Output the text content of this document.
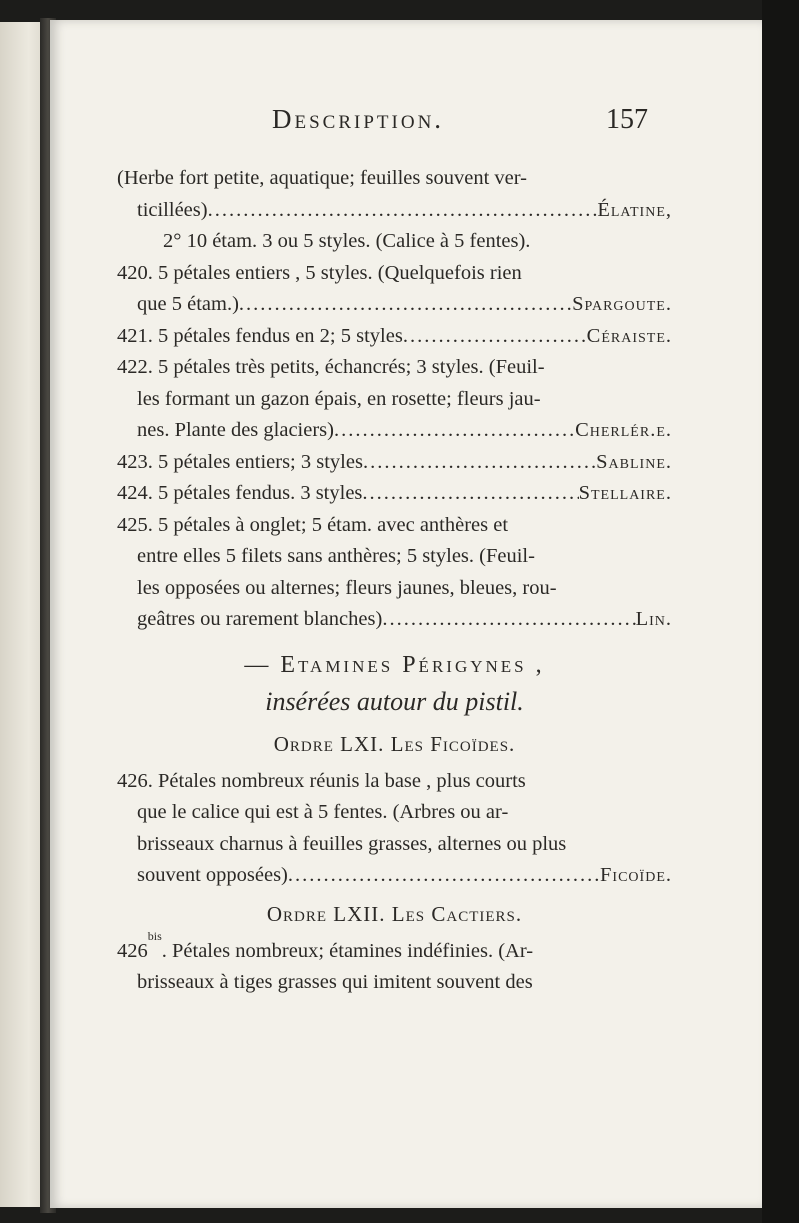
Description.	157
(Herbe fort petite, aquatique; feuilles souvent ver-
ticillées) .....	Élatine,
2° 10 étam. 3 ou 5 styles. (Calice à 5 fentes).
420. 5 pétales entiers , 5 styles. (Quelquefois rien
que 5 étam.) .....	Spargoute.
421. 5 pétales fendus en 2; 5 styles .....	Céraiste.
422. 5 pétales très petits, échancrés; 3 styles. (Feuil-
les formant un gazon épais, en rosette; fleurs jau-
nes. Plante des glaciers) .....	Cherlér.e.
423. 5 pétales entiers; 3 styles .....	Sabline.
424. 5 pétales fendus. 3 styles .....	Stellaire.
425. 5 pétales à onglet; 5 étam. avec anthères et
entre elles 5 filets sans anthères; 5 styles. (Feuil-
les opposées ou alternes; fleurs jaunes, bleues, rou-
geâtres ou rarement blanches) .....	Lin.
— Etamines Périgynes ,
insérées autour du pistil.
Ordre LXI. Les Ficoïdes.
426. Pétales nombreux réunis la base , plus courts
que le calice qui est à 5 fentes. (Arbres ou ar-
brisseaux charnus à feuilles grasses, alternes ou plus
souvent opposées) .....	Ficoïde.
Ordre LXII. Les Cactiers.
426
bis
. Pétales nombreux; étamines indéfinies. (Ar-
brisseaux à tiges grasses qui imitent souvent des
